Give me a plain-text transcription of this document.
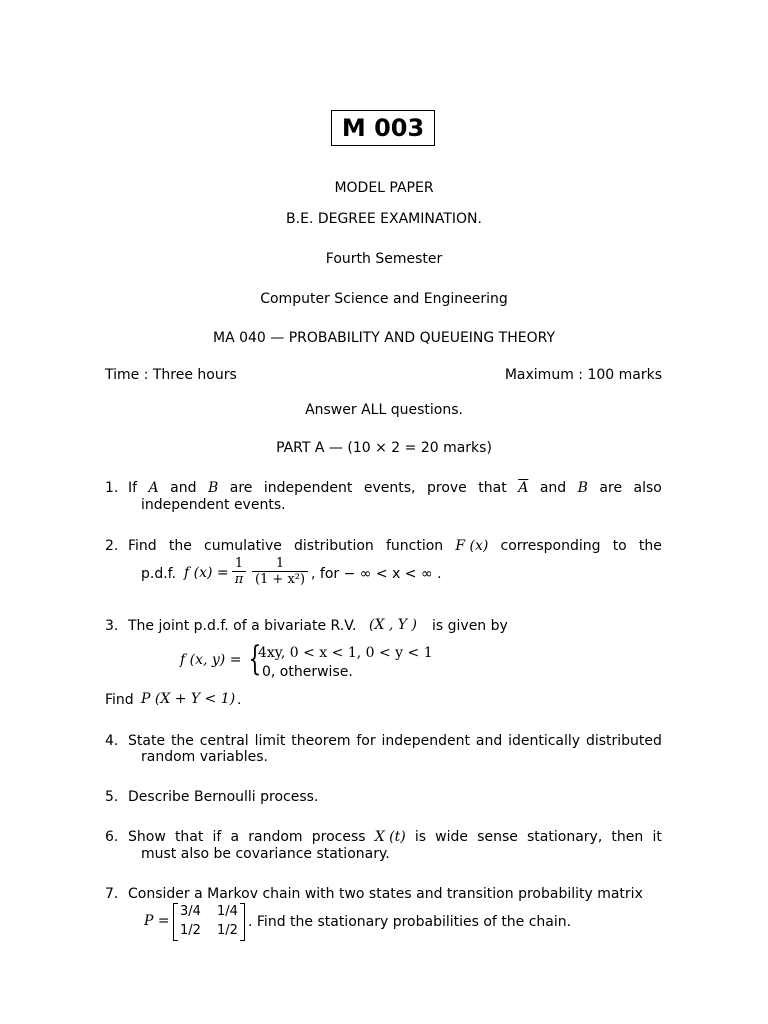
M 003
MODEL PAPER
B.E. DEGREE EXAMINATION.
Fourth Semester
Computer Science and Engineering
MA 040 — PROBABILITY AND QUEUEING THEORY
Time : Three hours	Maximum : 100 marks
Answer ALL questions.
PART A — (10 × 2 = 20 marks)
1. If A and B are independent events, prove that $\overline{A}$ and B are also
independent events.
2. Find the cumulative distribution function F (x) corresponding to the
p.d.f. f (x) =
1
π
1
(1 + x²) , for − ∞ < x < ∞ .
3. The joint p.d.f. of a bivariate R.V. (X , Y ) is given by
f (x, y) = {
4xy, 0 < x < 1, 0 < y < 1
0, otherwise.
Find P (X + Y < 1) .
4. State the central limit theorem for independent and identically distributed
random variables.
5. Describe Bernoulli process.
6. Show that if a random process X (t) is wide sense stationary, then it
must also be covariance stationary.
7. Consider a Markov chain with two states and transition probability matrix
P =
3/4 1/4
1/2 1/2
. Find the stationary probabilities of the chain.
